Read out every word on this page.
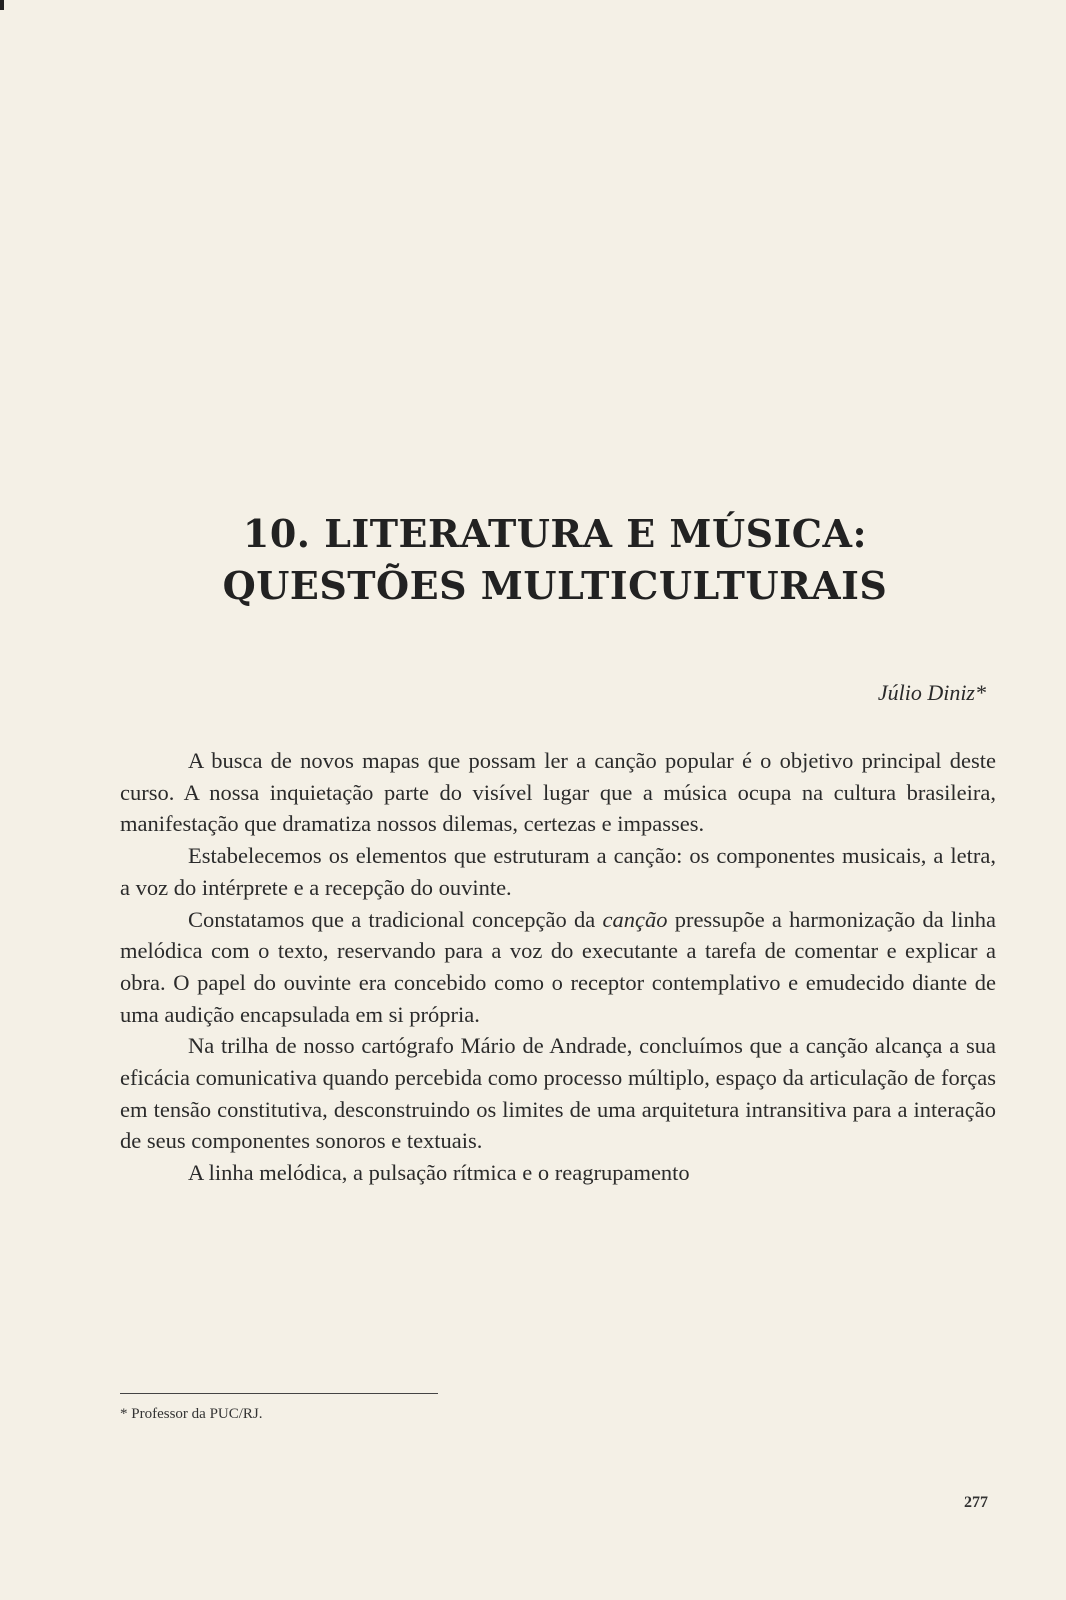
10. LITERATURA E MÚSICA:
QUESTÕES MULTICULTURAIS
Júlio Diniz*

A busca de novos mapas que possam ler a canção popular é o objetivo principal deste curso. A nossa inquietação parte do visível lugar que a música ocupa na cultura brasileira, manifestação que dramatiza nossos dilemas, certezas e impasses.

Estabelecemos os elementos que estruturam a canção: os componentes musicais, a letra, a voz do intérprete e a recepção do ouvinte.

Constatamos que a tradicional concepção da canção pressupõe a harmonização da linha melódica com o texto, reservando para a voz do executante a tarefa de comentar e explicar a obra. O papel do ouvinte era concebido como o receptor contemplativo e emudecido diante de uma audição encapsulada em si própria.

Na trilha de nosso cartógrafo Mário de Andrade, concluímos que a canção alcança a sua eficácia comunicativa quando percebida como processo múltiplo, espaço da articulação de forças em tensão constitutiva, desconstruindo os limites de uma arquitetura intransitiva para a interação de seus componentes sonoros e textuais.

A linha melódica, a pulsação rítmica e o reagrupamento

* Professor da PUC/RJ.
277
